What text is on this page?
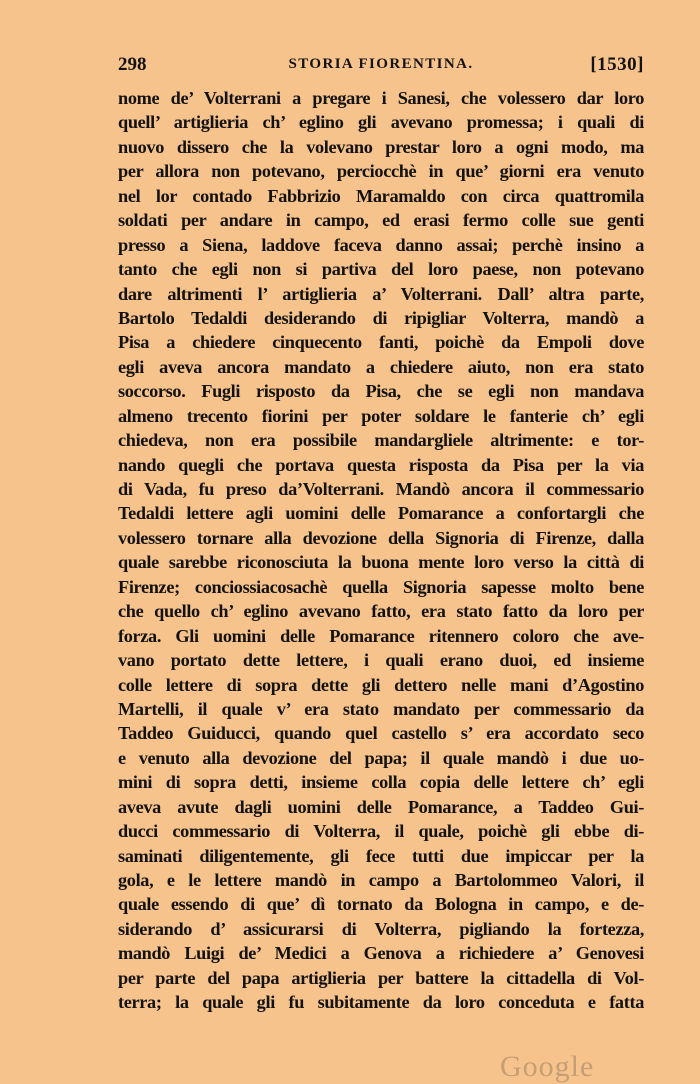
298	STORIA FIORENTINA.	[1530]
nome de’ Volterrani a pregare i Sanesi, che volessero dar loro
quell’ artiglieria ch’ eglino gli avevano promessa; i quali di
nuovo dissero che la volevano prestar loro a ogni modo, ma
per allora non potevano, perciocchè in que’ giorni era venuto
nel lor contado Fabbrizio Maramaldo con circa quattromila
soldati per andare in campo, ed erasi fermo colle sue genti
presso a Siena, laddove faceva danno assai; perchè insino a
tanto che egli non si partiva del loro paese, non potevano
dare altrimenti l’ artiglieria a’ Volterrani. Dall’ altra parte,
Bartolo Tedaldi desiderando di ripigliar Volterra, mandò a
Pisa a chiedere cinquecento fanti, poichè da Empoli dove
egli aveva ancora mandato a chiedere aiuto, non era stato
soccorso. Fugli risposto da Pisa, che se egli non mandava
almeno trecento fiorini per poter soldare le fanterie ch’ egli
chiedeva, non era possibile mandargliele altrimente: e tor-
nando quegli che portava questa risposta da Pisa per la via
di Vada, fu preso da’Volterrani. Mandò ancora il commessario
Tedaldi lettere agli uomini delle Pomarance a confortargli che
volessero tornare alla devozione della Signoria di Firenze, dalla
quale sarebbe riconosciuta la buona mente loro verso la città di
Firenze; conciossiacosachè quella Signoria sapesse molto bene
che quello ch’ eglino avevano fatto, era stato fatto da loro per
forza. Gli uomini delle Pomarance ritennero coloro che ave-
vano portato dette lettere, i quali erano duoi, ed insieme
colle lettere di sopra dette gli dettero nelle mani d’Agostino
Martelli, il quale v’ era stato mandato per commessario da
Taddeo Guiducci, quando quel castello s’ era accordato seco
e venuto alla devozione del papa; il quale mandò i due uo-
mini di sopra detti, insieme colla copia delle lettere ch’ egli
aveva avute dagli uomini delle Pomarance, a Taddeo Gui-
ducci commessario di Volterra, il quale, poichè gli ebbe di-
saminati diligentemente, gli fece tutti due impiccar per la
gola, e le lettere mandò in campo a Bartolommeo Valori, il
quale essendo di que’ dì tornato da Bologna in campo, e de-
siderando d’ assicurarsi di Volterra, pigliando la fortezza,
mandò Luigi de’ Medici a Genova a richiedere a’ Genovesi
per parte del papa artiglieria per battere la cittadella di Vol-
terra; la quale gli fu subitamente da loro conceduta e fatta
Google
